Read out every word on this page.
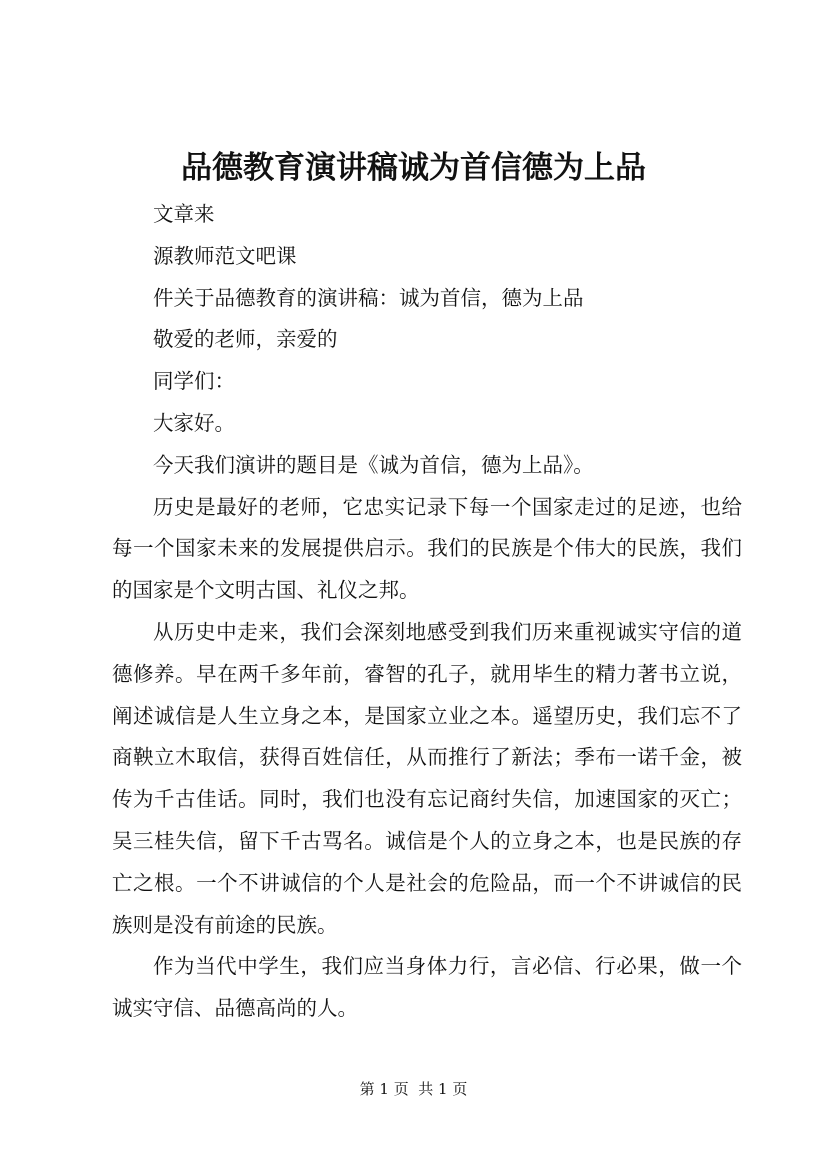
品德教育演讲稿诚为首信德为上品

文章来

源教师范文吧课

件关于品德教育的演讲稿：诚为首信，德为上品

敬爱的老师，亲爱的

同学们：

大家好。

今天我们演讲的题目是《诚为首信，德为上品》。

历史是最好的老师，它忠实记录下每一个国家走过的足迹，也给每一个国家未来的发展提供启示。我们的民族是个伟大的民族，我们的国家是个文明古国、礼仪之邦。

从历史中走来，我们会深刻地感受到我们历来重视诚实守信的道德修养。早在两千多年前，睿智的孔子，就用毕生的精力著书立说，阐述诚信是人生立身之本，是国家立业之本。遥望历史，我们忘不了商鞅立木取信，获得百姓信任，从而推行了新法；季布一诺千金，被传为千古佳话。同时，我们也没有忘记商纣失信，加速国家的灭亡；吴三桂失信，留下千古骂名。诚信是个人的立身之本，也是民族的存亡之根。一个不讲诚信的个人是社会的危险品，而一个不讲诚信的民族则是没有前途的民族。

作为当代中学生，我们应当身体力行，言必信、行必果，做一个诚实守信、品德高尚的人。

第 1 页  共 1 页
